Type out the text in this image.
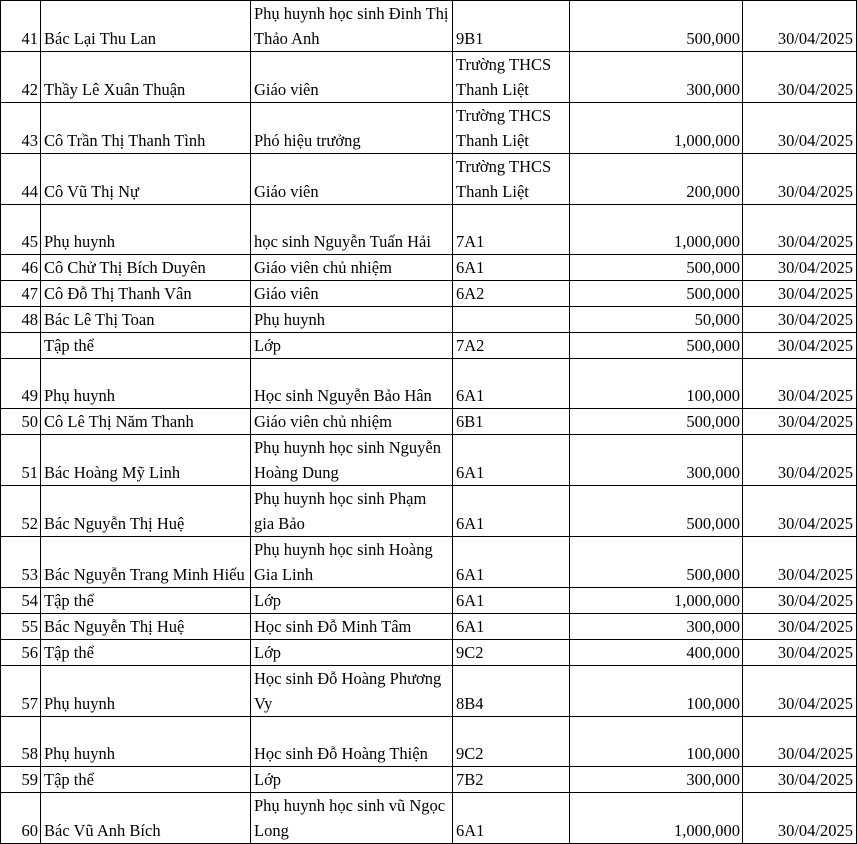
41	Bác Lại Thu Lan	Phụ huynh học sinh Đinh Thị Thảo Anh	9B1	500,000	30/04/2025
42	Thầy Lê Xuân Thuận	Giáo viên	Trường THCS Thanh Liệt	300,000	30/04/2025
43	Cô Trần Thị Thanh Tình	Phó hiệu trưởng	Trường THCS Thanh Liệt	1,000,000	30/04/2025
44	Cô Vũ Thị Nự	Giáo viên	Trường THCS Thanh Liệt	200,000	30/04/2025
45	Phụ huynh	học sinh Nguyễn Tuấn Hải	7A1	1,000,000	30/04/2025
46	Cô Chử Thị Bích Duyên	Giáo viên chủ nhiệm	6A1	500,000	30/04/2025
47	Cô Đỗ Thị Thanh Vân	Giáo viên	6A2	500,000	30/04/2025
48	Bác Lê Thị Toan	Phụ huynh		50,000	30/04/2025
	Tập thể	Lớp	7A2	500,000	30/04/2025
49	Phụ huynh	Học sinh Nguyễn Bảo Hân	6A1	100,000	30/04/2025
50	Cô Lê Thị Năm Thanh	Giáo viên chủ nhiệm	6B1	500,000	30/04/2025
51	Bác Hoàng Mỹ Linh	Phụ huynh học sinh Nguyễn Hoàng Dung	6A1	300,000	30/04/2025
52	Bác Nguyễn Thị Huệ	Phụ huynh học sinh Phạm gia Bảo	6A1	500,000	30/04/2025
53	Bác Nguyễn Trang Minh Hiếu	Phụ huynh học sinh Hoàng Gia Linh	6A1	500,000	30/04/2025
54	Tập thể	Lớp	6A1	1,000,000	30/04/2025
55	Bác Nguyễn Thị Huệ	Học sinh Đỗ Minh Tâm	6A1	300,000	30/04/2025
56	Tập thể	Lớp	9C2	400,000	30/04/2025
57	Phụ huynh	Học sinh Đỗ Hoàng Phương Vy	8B4	100,000	30/04/2025
58	Phụ huynh	Học sinh Đỗ Hoàng Thiện	9C2	100,000	30/04/2025
59	Tập thể	Lớp	7B2	300,000	30/04/2025
60	Bác Vũ Anh Bích	Phụ huynh học sinh vũ Ngọc Long	6A1	1,000,000	30/04/2025
